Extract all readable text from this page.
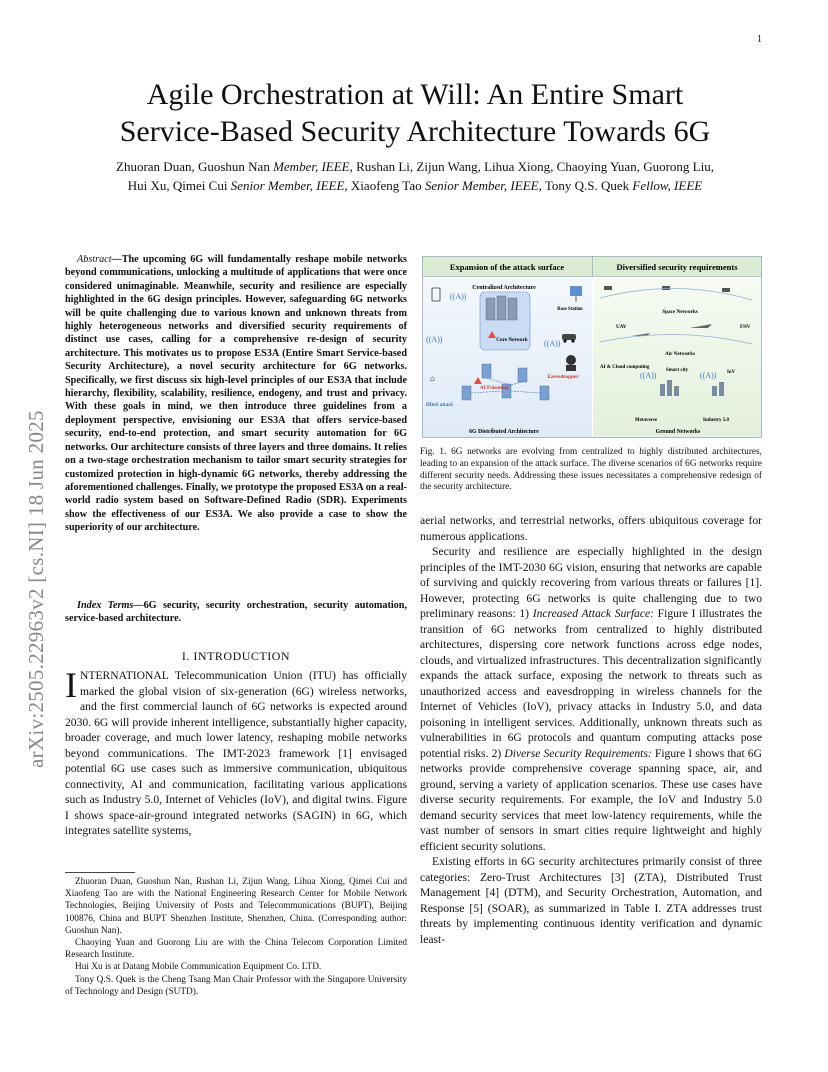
1
arXiv:2505.22963v2 [cs.NI] 18 Jun 2025
Agile Orchestration at Will: An Entire Smart
Service-Based Security Architecture Towards 6G
Zhuoran Duan, Guoshun Nan Member, IEEE, Rushan Li, Zijun Wang, Lihua Xiong, Chaoying Yuan, Guorong Liu,
Hui Xu, Qimei Cui Senior Member, IEEE, Xiaofeng Tao Senior Member, IEEE, Tony Q.S. Quek Fellow, IEEE
Abstract—The upcoming 6G will fundamentally reshape mobile networks beyond communications, unlocking a multitude of applications that were once considered unimaginable. Meanwhile, security and resilience are especially highlighted in the 6G design principles. However, safeguarding 6G networks will be quite challenging due to various known and unknown threats from highly heterogeneous networks and diversified security requirements of distinct use cases, calling for a comprehensive re-design of security architecture. This motivates us to propose ES3A (Entire Smart Service-based Security Architecture), a novel security architecture for 6G networks. Specifically, we first discuss six high-level principles of our ES3A that include hierarchy, flexibility, scalability, resilience, endogeny, and trust and privacy. With these goals in mind, we then introduce three guidelines from a deployment perspective, envisioning our ES3A that offers service-based security, end-to-end protection, and smart security automation for 6G networks. Our architecture consists of three layers and three domains. It relies on a two-stage orchestration mechanism to tailor smart security strategies for customized protection in high-dynamic 6G networks, thereby addressing the aforementioned challenges. Finally, we prototype the proposed ES3A on a real-world radio system based on Software-Defined Radio (SDR). Experiments show the effectiveness of our ES3A. We also provide a case to show the superiority of our architecture.
Index Terms—6G security, security orchestration, security automation, service-based architecture.
I. INTRODUCTION
INTERNATIONAL Telecommunication Union (ITU) has officially marked the global vision of six-generation (6G) wireless networks, and the first commercial launch of 6G networks is expected around 2030. 6G will provide inherent intelligence, substantially higher capacity, broader coverage, and much lower latency, reshaping mobile networks beyond communications. The IMT-2023 framework [1] envisaged potential 6G use cases such as immersive communication, ubiquitous connectivity, AI and communication, facilitating various applications such as Industry 5.0, Internet of Vehicles (IoV), and digital twins. Figure I shows space-air-ground integrated networks (SAGIN) in 6G, which integrates satellite systems,

Zhuoran Duan, Guoshun Nan, Rushan Li, Zijun Wang, Lihua Xiong, Qimei Cui and Xiaofeng Tao are with the National Engineering Research Center for Mobile Network Technologies, Beijing University of Posts and Telecommunications (BUPT), Beijing 100876, China and BUPT Shenzhen Institute, Shenzhen, China. (Corresponding author: Guoshun Nan).

Chaoying Yuan and Guorong Liu are with the China Telecom Corporation Limited Research Institute.

Hui Xu is at Datang Mobile Communication Equipment Co. LTD.

Tony Q.S. Quek is the Cheng Tsang Man Chair Professor with the Singapore University of Technology and Design (SUTD).

Expansion of the attack surface	Diversified security requirements
Centralized Architecture
Core Network
((A))
Base Station
((A))	((A))
Eavesdropper
AI Poisoning
DDoS attack
⌂
6G Distributed Architecture
Space Networks
UAV	FSN
Air Networks
AI & Cloud computing
Smart city	IoV
((A))	((A))
Metaverse	Industry 5.0
Ground Networks
Fig. 1. 6G networks are evolving from centralized to highly distributed architectures, leading to an expansion of the attack surface. The diverse scenarios of 6G networks require different security needs. Addressing these issues necessitates a comprehensive redesign of the security architecture.

aerial networks, and terrestrial networks, offers ubiquitous coverage for numerous applications.

Security and resilience are especially highlighted in the design principles of the IMT-2030 6G vision, ensuring that networks are capable of surviving and quickly recovering from various threats or failures [1]. However, protecting 6G networks is quite challenging due to two preliminary reasons: 1) Increased Attack Surface: Figure I illustrates the transition of 6G networks from centralized to highly distributed architectures, dispersing core network functions across edge nodes, clouds, and virtualized infrastructures. This decentralization significantly expands the attack surface, exposing the network to threats such as unauthorized access and eavesdropping in wireless channels for the Internet of Vehicles (IoV), privacy attacks in Industry 5.0, and data poisoning in intelligent services. Additionally, unknown threats such as vulnerabilities in 6G protocols and quantum computing attacks pose potential risks. 2) Diverse Security Requirements: Figure I shows that 6G networks provide comprehensive coverage spanning space, air, and ground, serving a variety of application scenarios. These use cases have diverse security requirements. For example, the IoV and Industry 5.0 demand security services that meet low-latency requirements, while the vast number of sensors in smart cities require lightweight and highly efficient security solutions.

Existing efforts in 6G security architectures primarily consist of three categories: Zero-Trust Architectures [3] (ZTA), Distributed Trust Management [4] (DTM), and Security Orchestration, Automation, and Response [5] (SOAR), as summarized in Table I. ZTA addresses trust threats by implementing continuous identity verification and dynamic least-
